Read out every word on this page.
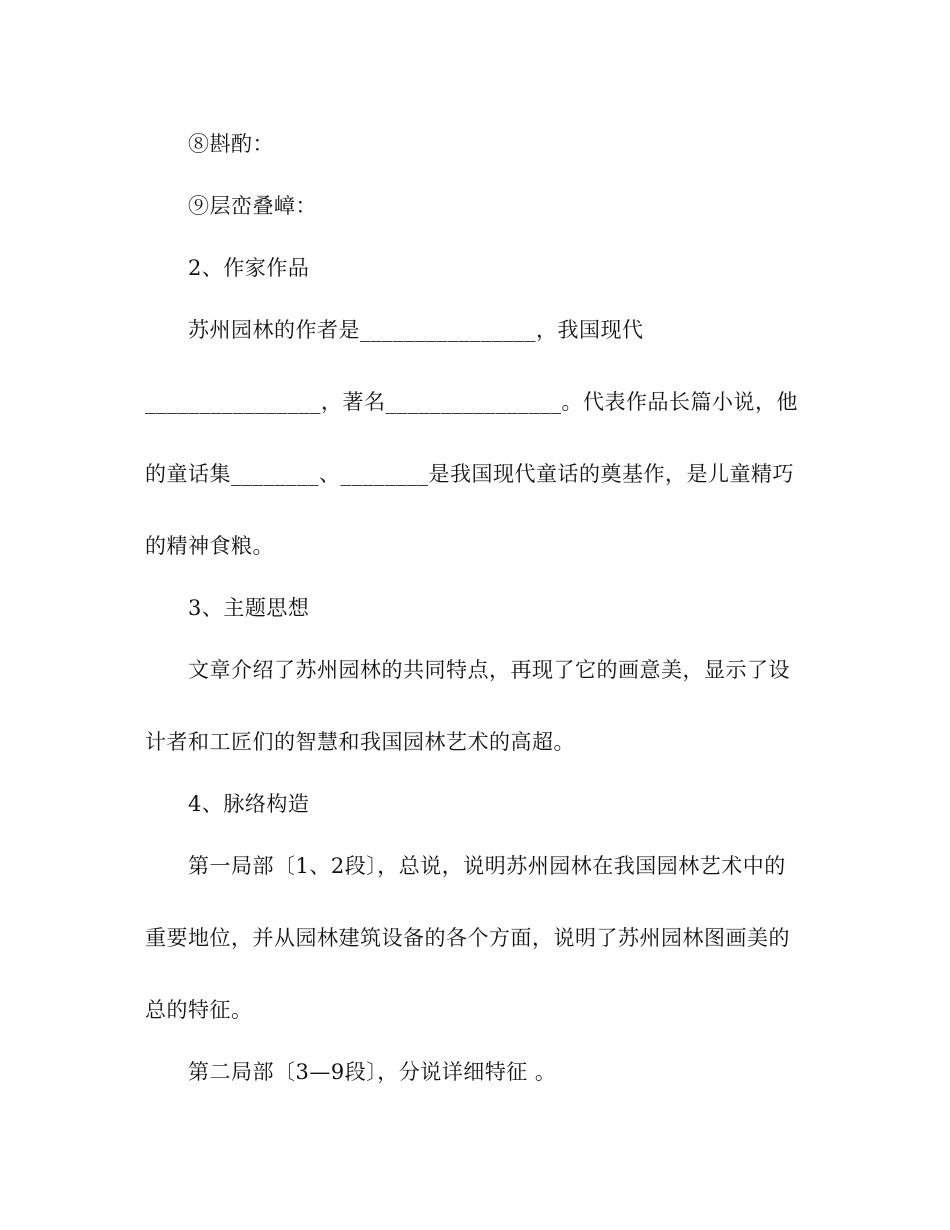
⑧斟酌：
⑨层峦叠嶂：
2、作家作品
苏州园林的作者是________________，我国现代
________________，著名________________。代表作品长篇小说，他
的童话集________、________是我国现代童话的奠基作，是儿童精巧
的精神食粮。
3、主题思想
文章介绍了苏州园林的共同特点，再现了它的画意美，显示了设
计者和工匠们的智慧和我国园林艺术的高超。
4、脉络构造
第一局部〔1、2段〕，总说，说明苏州园林在我国园林艺术中的
重要地位，并从园林建筑设备的各个方面，说明了苏州园林图画美的
总的特征。
第二局部〔3—9段〕，分说详细特征 。
